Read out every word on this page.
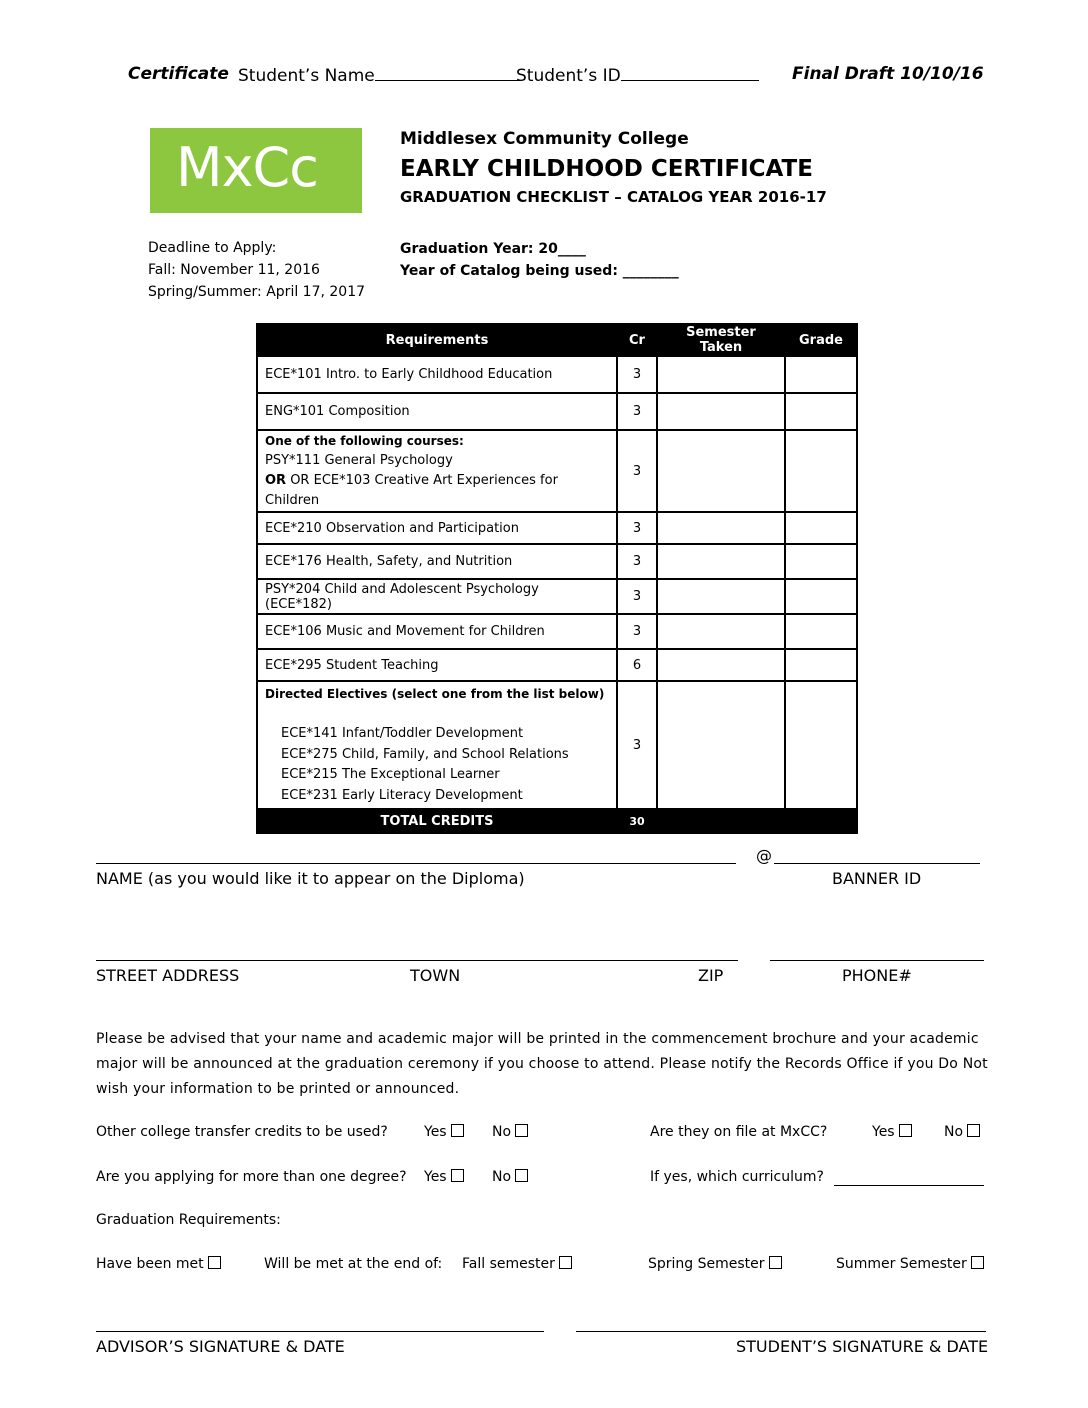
Certificate Student’s Name	Student’s ID	Final Draft 10/10/16
MxCc	Middlesex Community College
EARLY CHILDHOOD CERTIFICATE
GRADUATION CHECKLIST – CATALOG YEAR 2016-17
Deadline to Apply:
Fall: November 11, 2016
Spring/Summer: April 17, 2017
Graduation Year: 20____
Year of Catalog being used: ________
Requirements	Cr	Semester Taken	Grade
ECE*101 Intro. to Early Childhood Education	3		
ENG*101 Composition	3		

One of the following courses:
PSY*111 General Psychology
OR OR ECE*103 Creative Art Experiences for Children	3		
ECE*210 Observation and Participation	3		
ECE*176 Health, Safety, and Nutrition	3		
PSY*204 Child and Adolescent Psychology (ECE*182)	3		
ECE*106 Music and Movement for Children	3		
ECE*295 Student Teaching	6		

Directed Electives (select one from the list below)
ECE*141 Infant/Toddler Development
ECE*275 Child, Family, and School Relations
ECE*215 The Exceptional Learner
ECE*231 Early Literacy Development	3		
TOTAL CREDITS	30		
@
NAME (as you would like it to appear on the Diploma)	BANNER ID
STREET ADDRESS	TOWN	ZIP	PHONE#
Please be advised that your name and academic major will be printed in the commencement brochure and your academic major will be announced at the graduation ceremony if you choose to attend. Please notify the Records Office if you Do Not wish your information to be printed or announced.
Other college transfer credits to be used?	Yes	No	Are they on file at MxCC?	Yes	No
Are you applying for more than one degree? Yes	No	If yes, which curriculum?
Graduation Requirements:
Have been met	Will be met at the end of: Fall semester	Spring Semester	Summer Semester
ADVISOR’S SIGNATURE & DATE	STUDENT’S SIGNATURE & DATE
